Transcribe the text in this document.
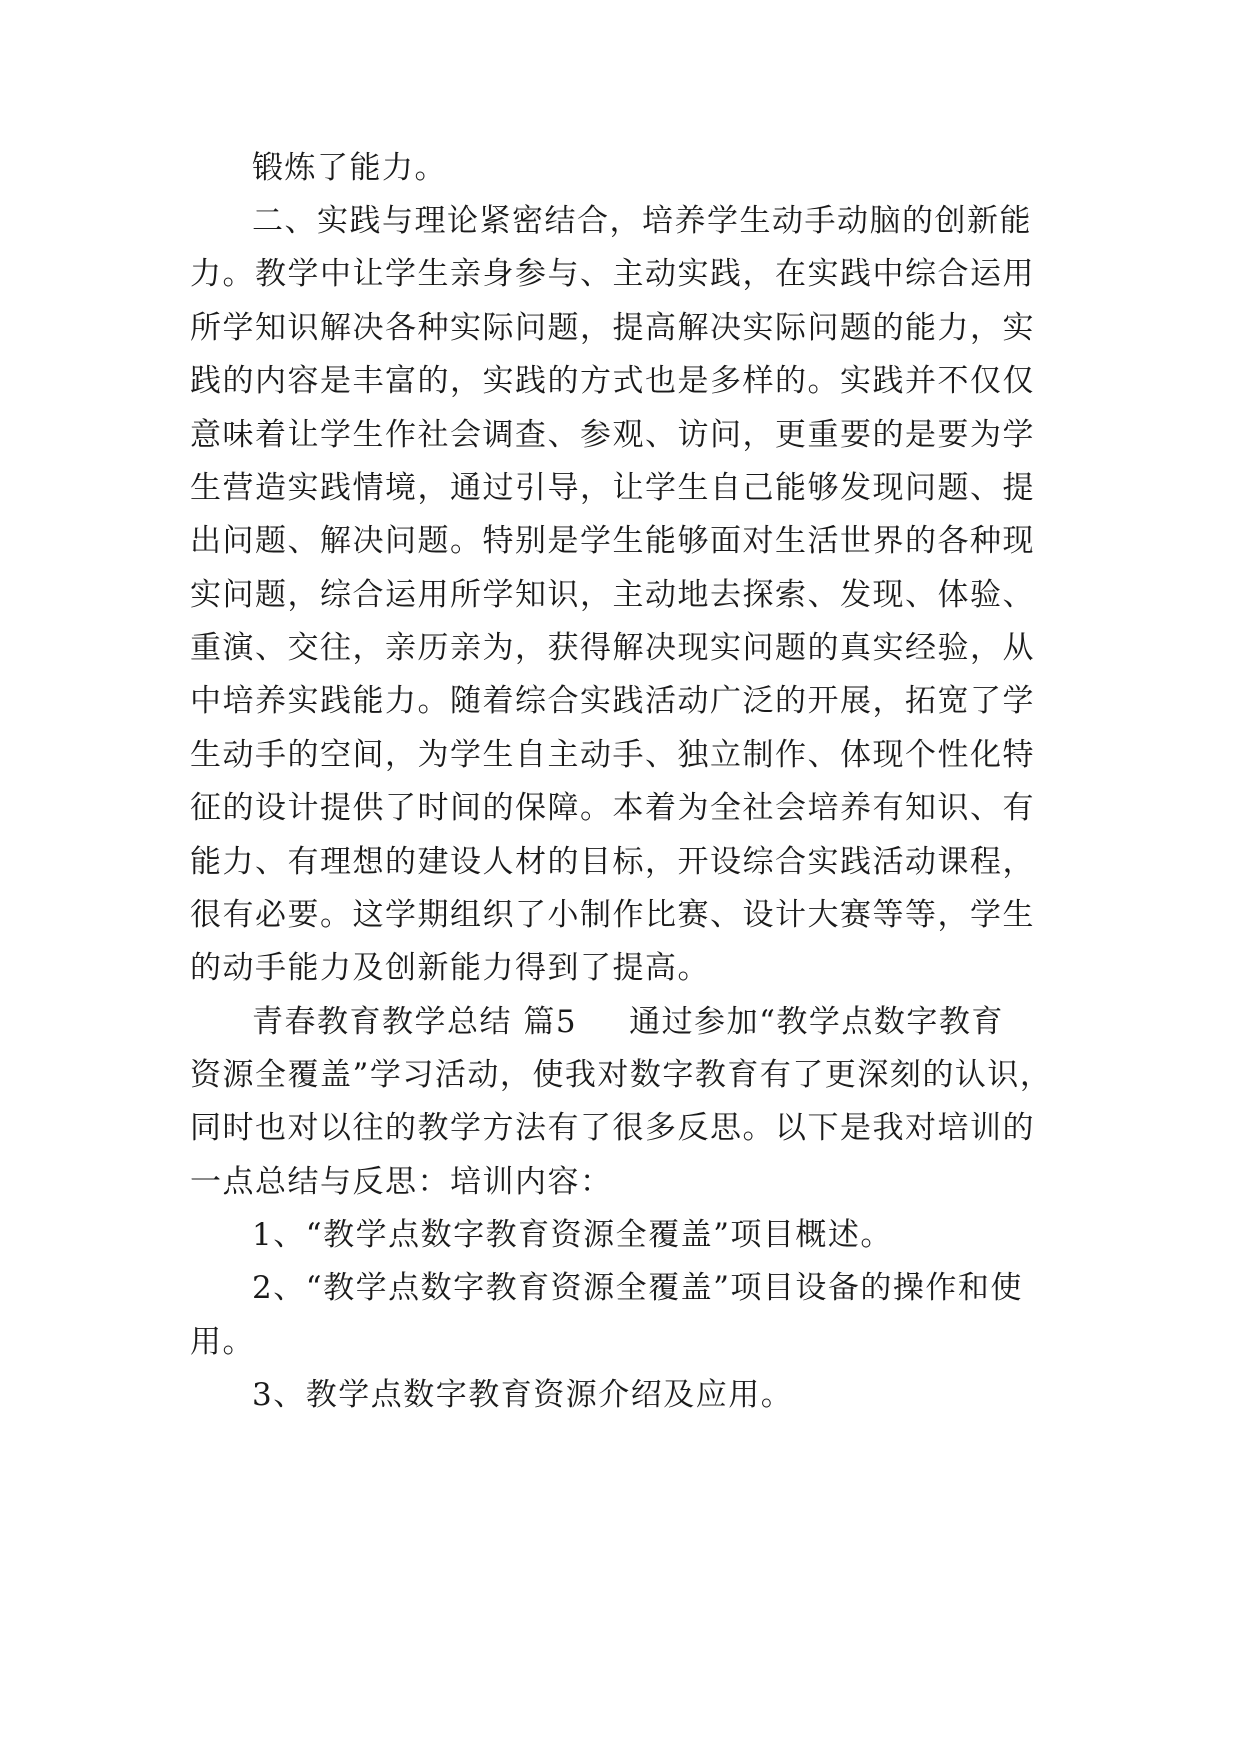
锻炼了能力。
二、实践与理论紧密结合，培养学生动手动脑的创新能
力。教学中让学生亲身参与、主动实践，在实践中综合运用
所学知识解决各种实际问题，提高解决实际问题的能力，实
践的内容是丰富的，实践的方式也是多样的。实践并不仅仅
意味着让学生作社会调查、参观、访问，更重要的是要为学
生营造实践情境，通过引导，让学生自己能够发现问题、提
出问题、解决问题。特别是学生能够面对生活世界的各种现
实问题，综合运用所学知识，主动地去探索、发现、体验、
重演、交往，亲历亲为，获得解决现实问题的真实经验，从
中培养实践能力。随着综合实践活动广泛的开展，拓宽了学
生动手的空间，为学生自主动手、独立制作、体现个性化特
征的设计提供了时间的保障。本着为全社会培养有知识、有
能力、有理想的建设人材的目标，开设综合实践活动课程，
很有必要。这学期组织了小制作比赛、设计大赛等等，学生
的动手能力及创新能力得到了提高。
青春教育教学总结 篇5 通过参加“教学点数字教育
资源全覆盖”学习活动，使我对数字教育有了更深刻的认识，
同时也对以往的教学方法有了很多反思。以下是我对培训的
一点总结与反思：培训内容：
1、“教学点数字教育资源全覆盖”项目概述。
2、“教学点数字教育资源全覆盖”项目设备的操作和使
用。
3、教学点数字教育资源介绍及应用。
